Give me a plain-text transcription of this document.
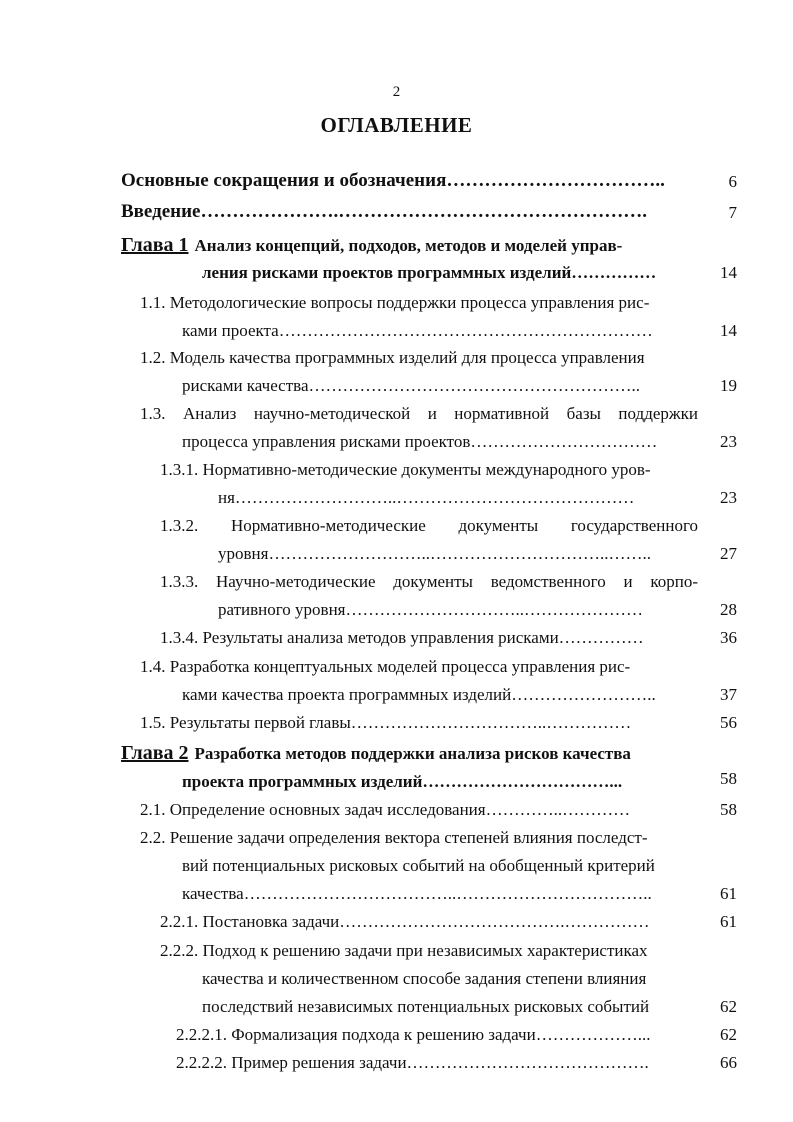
2
ОГЛАВЛЕНИЕ
Основные сокращения и обозначения……………………………..	6
Введение………………….………………………………………….	7
Глава 1 Анализ концепций, подходов, методов и моделей управ-
ления рисками проектов программных изделий……………	14
1.1. Методологические вопросы поддержки процесса управления рис-
ками проекта…………………………………………………………	14
1.2. Модель качества программных изделий для процесса управления
рисками качества…………………………………………………..	19
1.3. Анализ научно-методической и нормативной базы поддержки
процесса управления рисками проектов……………………………	23
1.3.1. Нормативно-методические документы международного уров-
ня………………………..……………………………………	23
1.3.2. Нормативно-методические документы государственного
уровня………………………..…………………………..……..	27
1.3.3. Научно-методические документы ведомственного и корпо-
ративного уровня…………………………..…………………	28
1.3.4. Результаты анализа методов управления рисками……………	36
1.4. Разработка концептуальных моделей процесса управления рис-
ками качества проекта программных изделий……………………..	37
1.5. Результаты первой главы……………………………..……………	56
Глава 2 Разработка методов поддержки анализа рисков качества
проекта программных изделий……………………………...	58
2.1. Определение основных задач исследования…………..…………	58
2.2. Решение задачи определения вектора степеней влияния последст-
вий потенциальных рисковых событий на обобщенный критерий
качества………………………………..……………………………..	61
2.2.1. Постановка задачи………………………………….……………	61
2.2.2. Подход к решению задачи при независимых характеристиках
качества и количественном способе задания степени влияния
последствий независимых потенциальных рисковых событий	62
2.2.2.1. Формализация подхода к решению задачи………………...	62
2.2.2.2. Пример решения задачи…………………………………….	66
